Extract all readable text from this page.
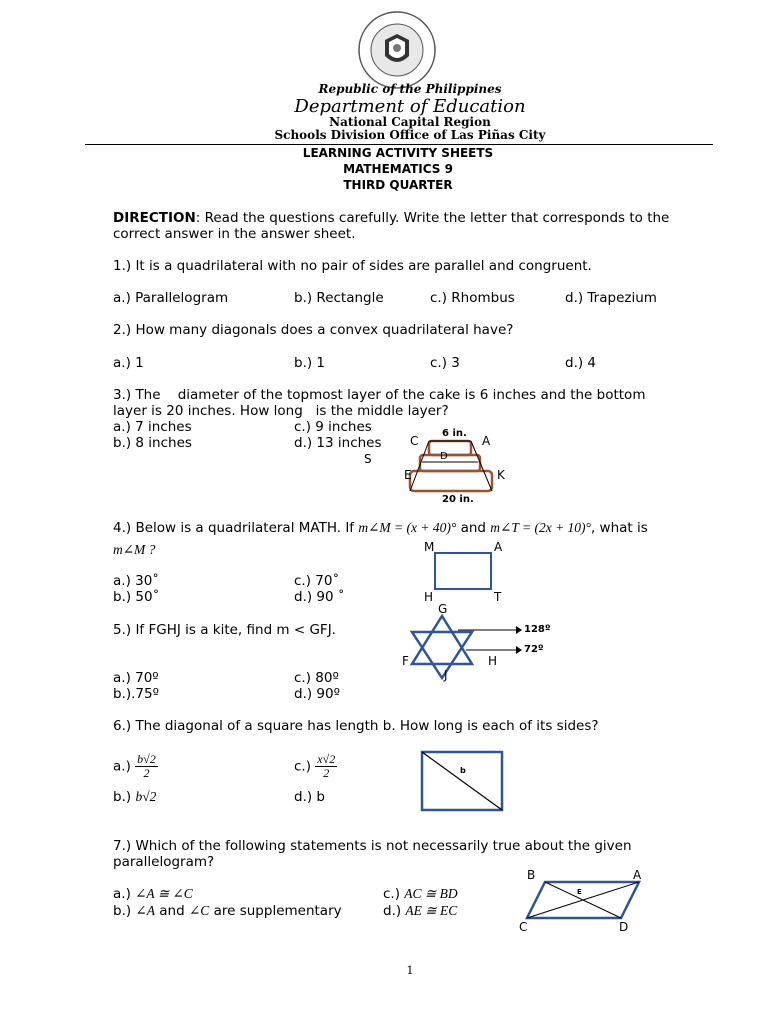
Republic of the Philippines
Department of Education
National Capital Region
Schools Division Office of Las Piñas City
LEARNING ACTIVITY SHEETS
MATHEMATICS 9
THIRD QUARTER
DIRECTION: Read the questions carefully. Write the letter that corresponds to the
correct answer in the answer sheet.
1.) It is a quadrilateral with no pair of sides are parallel and congruent.
a.) Parallelogram	b.) Rectangle	c.) Rhombus	d.) Trapezium
2.) How many diagonals does a convex quadrilateral have?
a.) 1	b.) 1	c.) 3	d.) 4
3.) The    diameter of the topmost layer of the cake is 6 inches and the bottom
layer is 20 inches. How long   is the middle layer?
a.) 7 inches	c.) 9 inches
b.) 8 inches	d.) 13 inches
6 in.
C	A
S	D
E	K
20 in.
4.) Below is a quadrilateral MATH. If m∠M = (x + 40)° and m∠T = (2x + 10)°, what is
m∠M ?
a.) 30˚	c.) 70˚
b.) 50˚	d.) 90 ˚
M	A
H	T
5.) If FGHJ is a kite, find m < GFJ.
a.) 70º	c.) 80º
b.).75º	d.) 90º
128º
72º
G
F	H
J
6.) The diagonal of a square has length b. How long is each of its sides?
$a.) \frac{b√2}{2}$	$c.) \frac{x√2}{2}$
b.) b√2	d.) b
b
7.) Which of the following statements is not necessarily true about the given
parallelogram?
a.) ∠A ≅ ∠C	c.) AC ≅ BD
b.) ∠A and ∠C are supplementary	d.) AE ≅ EC
B	A
E
C	D
1
